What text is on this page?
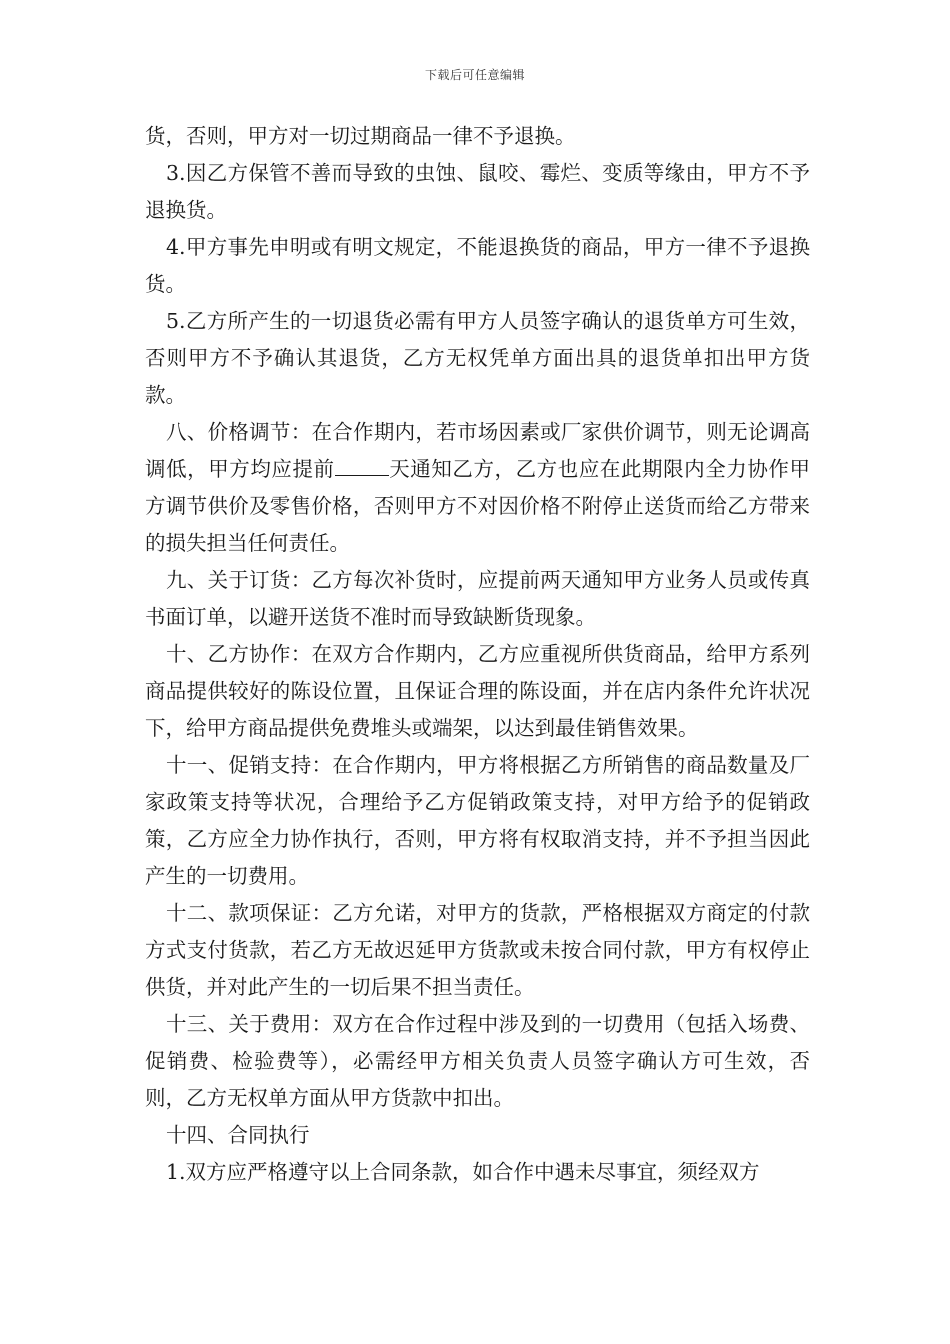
下载后可任意编辑

货，否则，甲方对一切过期商品一律不予退换。

3.因乙方保管不善而导致的虫蚀、鼠咬、霉烂、变质等缘由，甲方不予退换货。

4.甲方事先申明或有明文规定，不能退换货的商品，甲方一律不予退换货。

5.乙方所产生的一切退货必需有甲方人员签字确认的退货单方可生效，否则甲方不予确认其退货，乙方无权凭单方面出具的退货单扣出甲方货款。

八、价格调节：在合作期内，若市场因素或厂家供价调节，则无论调高调低，甲方均应提前	天通知乙方，乙方也应在此期限内全力协作甲方调节供价及零售价格，否则甲方不对因价格不附停止送货而给乙方带来的损失担当任何责任。

九、关于订货：乙方每次补货时，应提前两天通知甲方业务人员或传真书面订单，以避开送货不准时而导致缺断货现象。

十、乙方协作：在双方合作期内，乙方应重视所供货商品，给甲方系列商品提供较好的陈设位置，且保证合理的陈设面，并在店内条件允许状况下，给甲方商品提供免费堆头或端架，以达到最佳销售效果。

十一、促销支持：在合作期内，甲方将根据乙方所销售的商品数量及厂家政策支持等状况，合理给予乙方促销政策支持，对甲方给予的促销政策，乙方应全力协作执行，否则，甲方将有权取消支持，并不予担当因此产生的一切费用。

十二、款项保证：乙方允诺，对甲方的货款，严格根据双方商定的付款方式支付货款，若乙方无故迟延甲方货款或未按合同付款，甲方有权停止供货，并对此产生的一切后果不担当责任。

十三、关于费用：双方在合作过程中涉及到的一切费用（包括入场费、促销费、检验费等），必需经甲方相关负责人员签字确认方可生效，否则，乙方无权单方面从甲方货款中扣出。

十四、合同执行

1.双方应严格遵守以上合同条款，如合作中遇未尽事宜，须经双方
